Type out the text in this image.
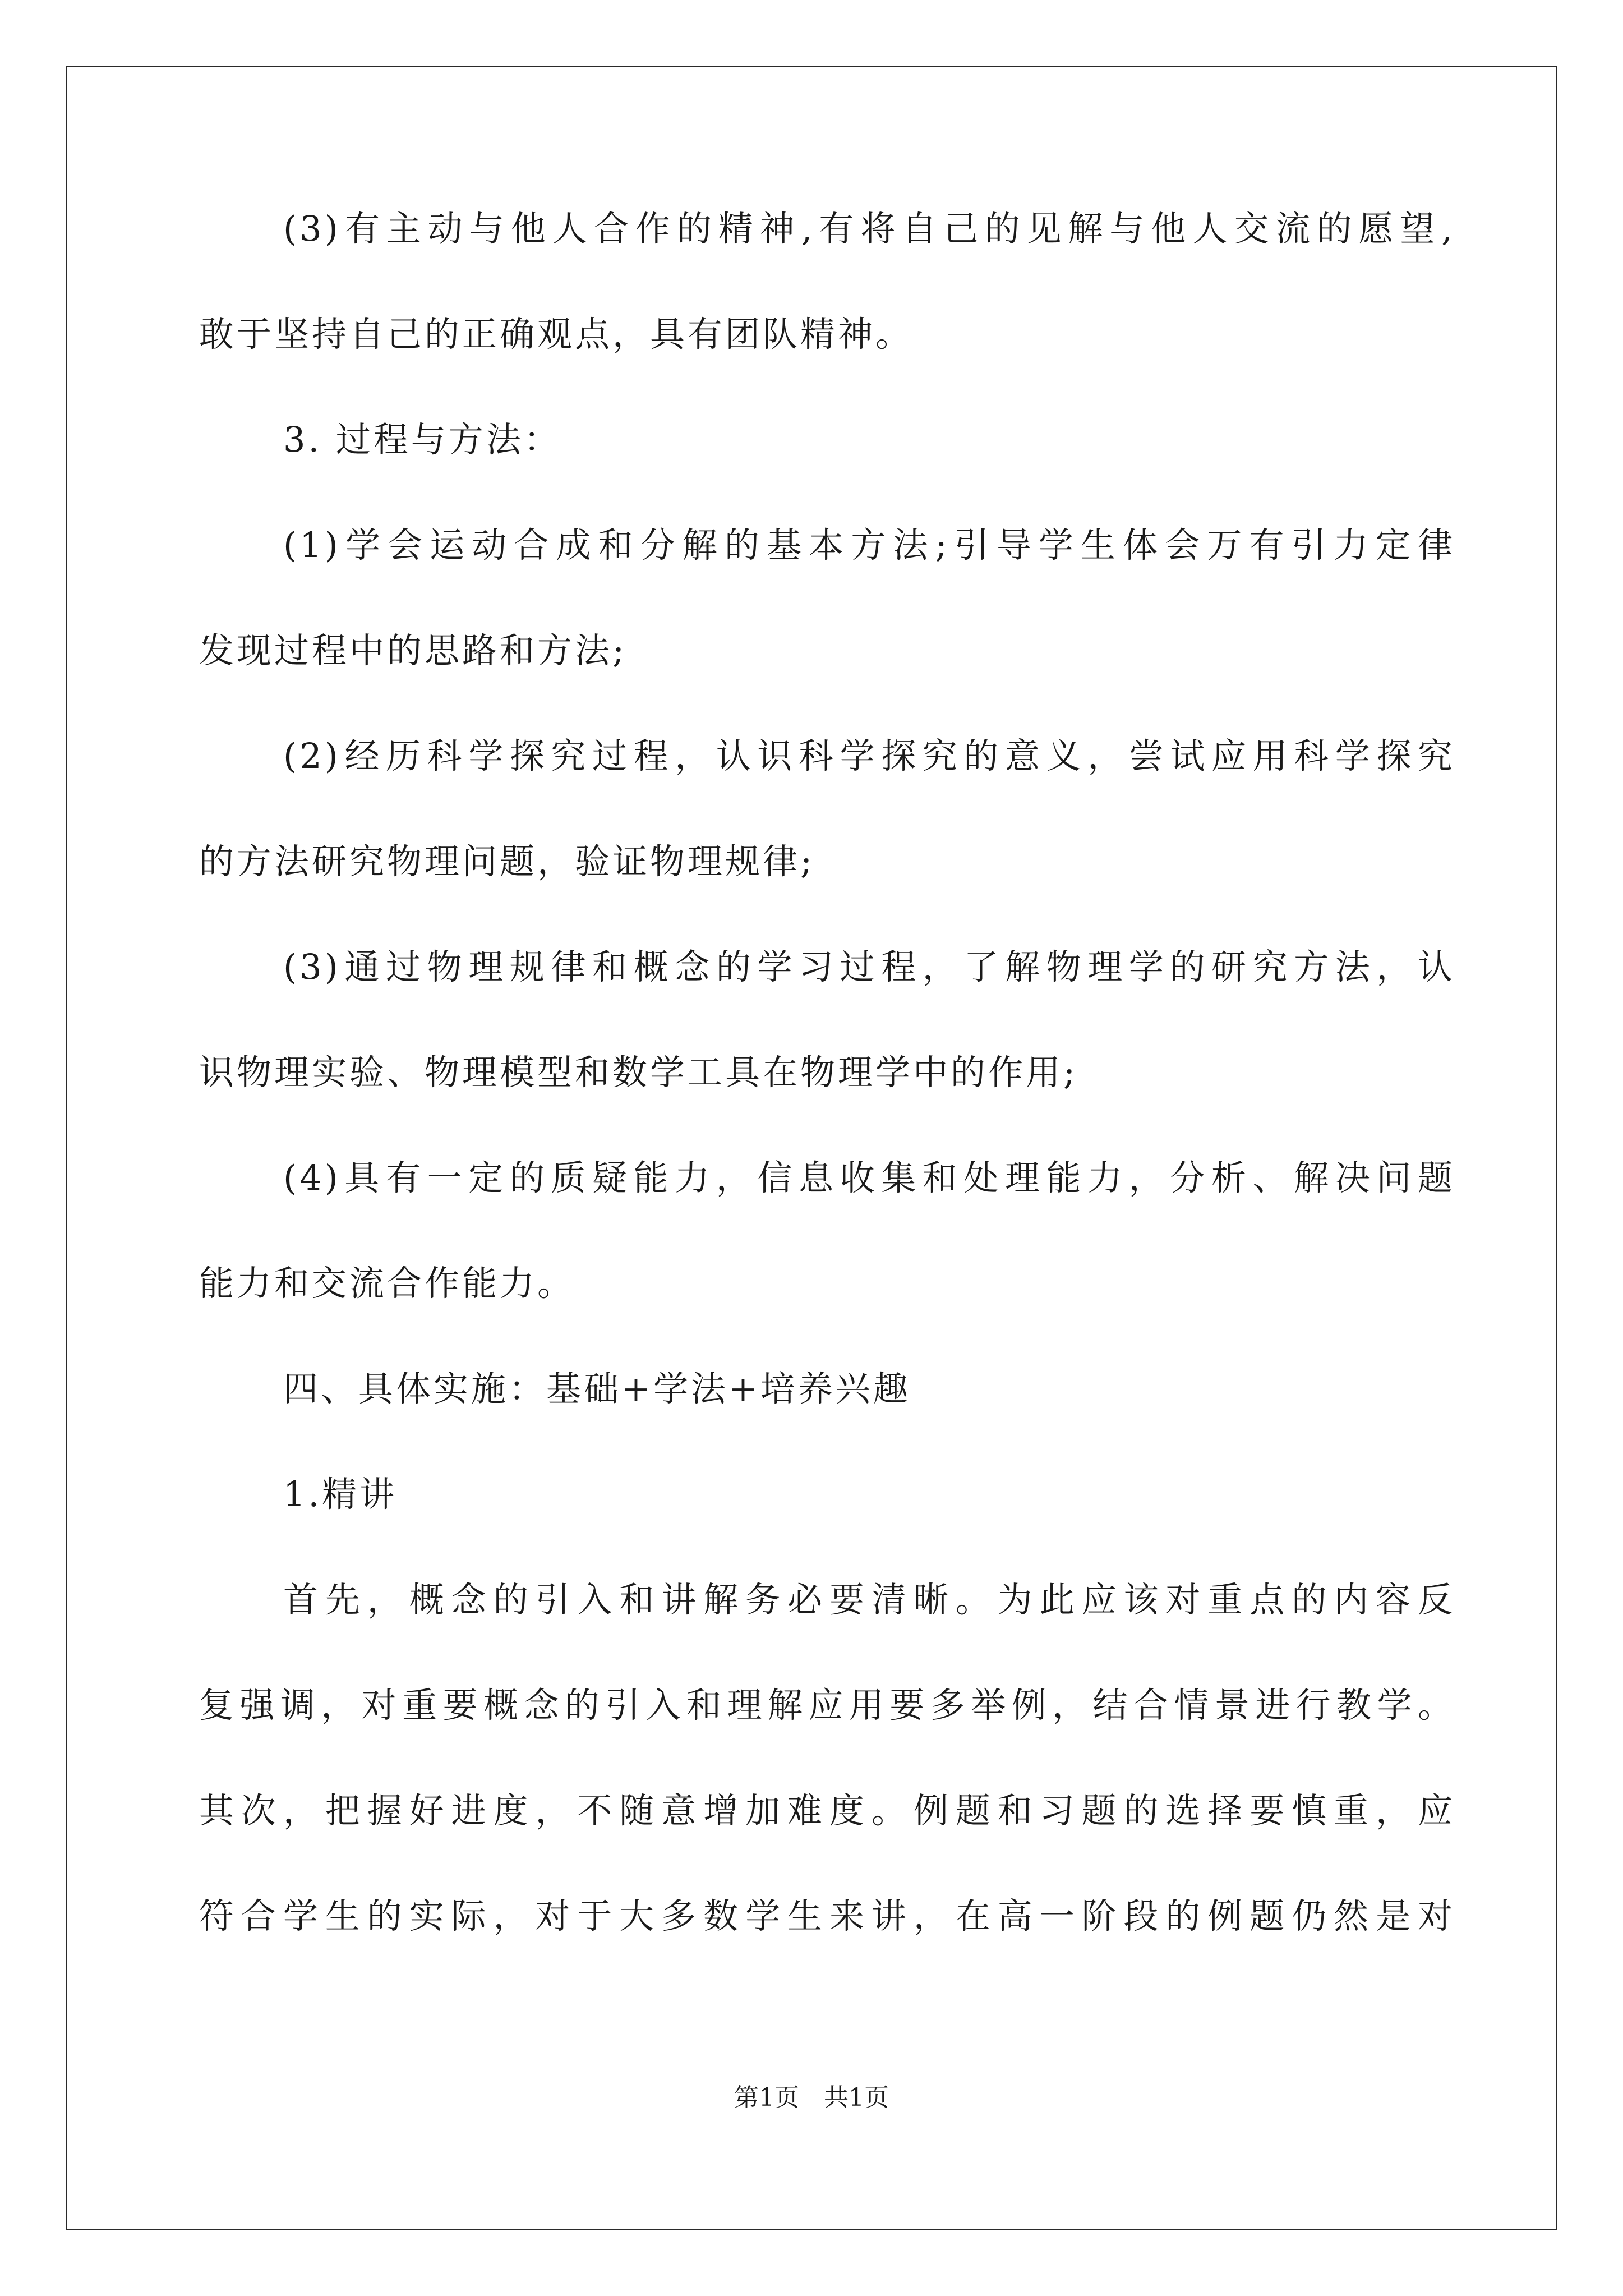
(3)有主动与他人合作的精神,有将自己的见解与他人交流的愿望,
敢于坚持自己的正确观点，具有团队精神。
3. 过程与方法：
(1)学会运动合成和分解的基本方法;引导学生体会万有引力定律
发现过程中的思路和方法;
(2)经历科学探究过程，认识科学探究的意义，尝试应用科学探究
的方法研究物理问题，验证物理规律;
(3)通过物理规律和概念的学习过程，了解物理学的研究方法，认
识物理实验、物理模型和数学工具在物理学中的作用;
(4)具有一定的质疑能力，信息收集和处理能力，分析、解决问题
能力和交流合作能力。
四、具体实施：基础+学法+培养兴趣
1.精讲
首先，概念的引入和讲解务必要清晰。为此应该对重点的内容反
复强调，对重要概念的引入和理解应用要多举例，结合情景进行教学。
其次，把握好进度，不随意增加难度。例题和习题的选择要慎重，应
符合学生的实际，对于大多数学生来讲，在高一阶段的例题仍然是对
第1页　共1页
